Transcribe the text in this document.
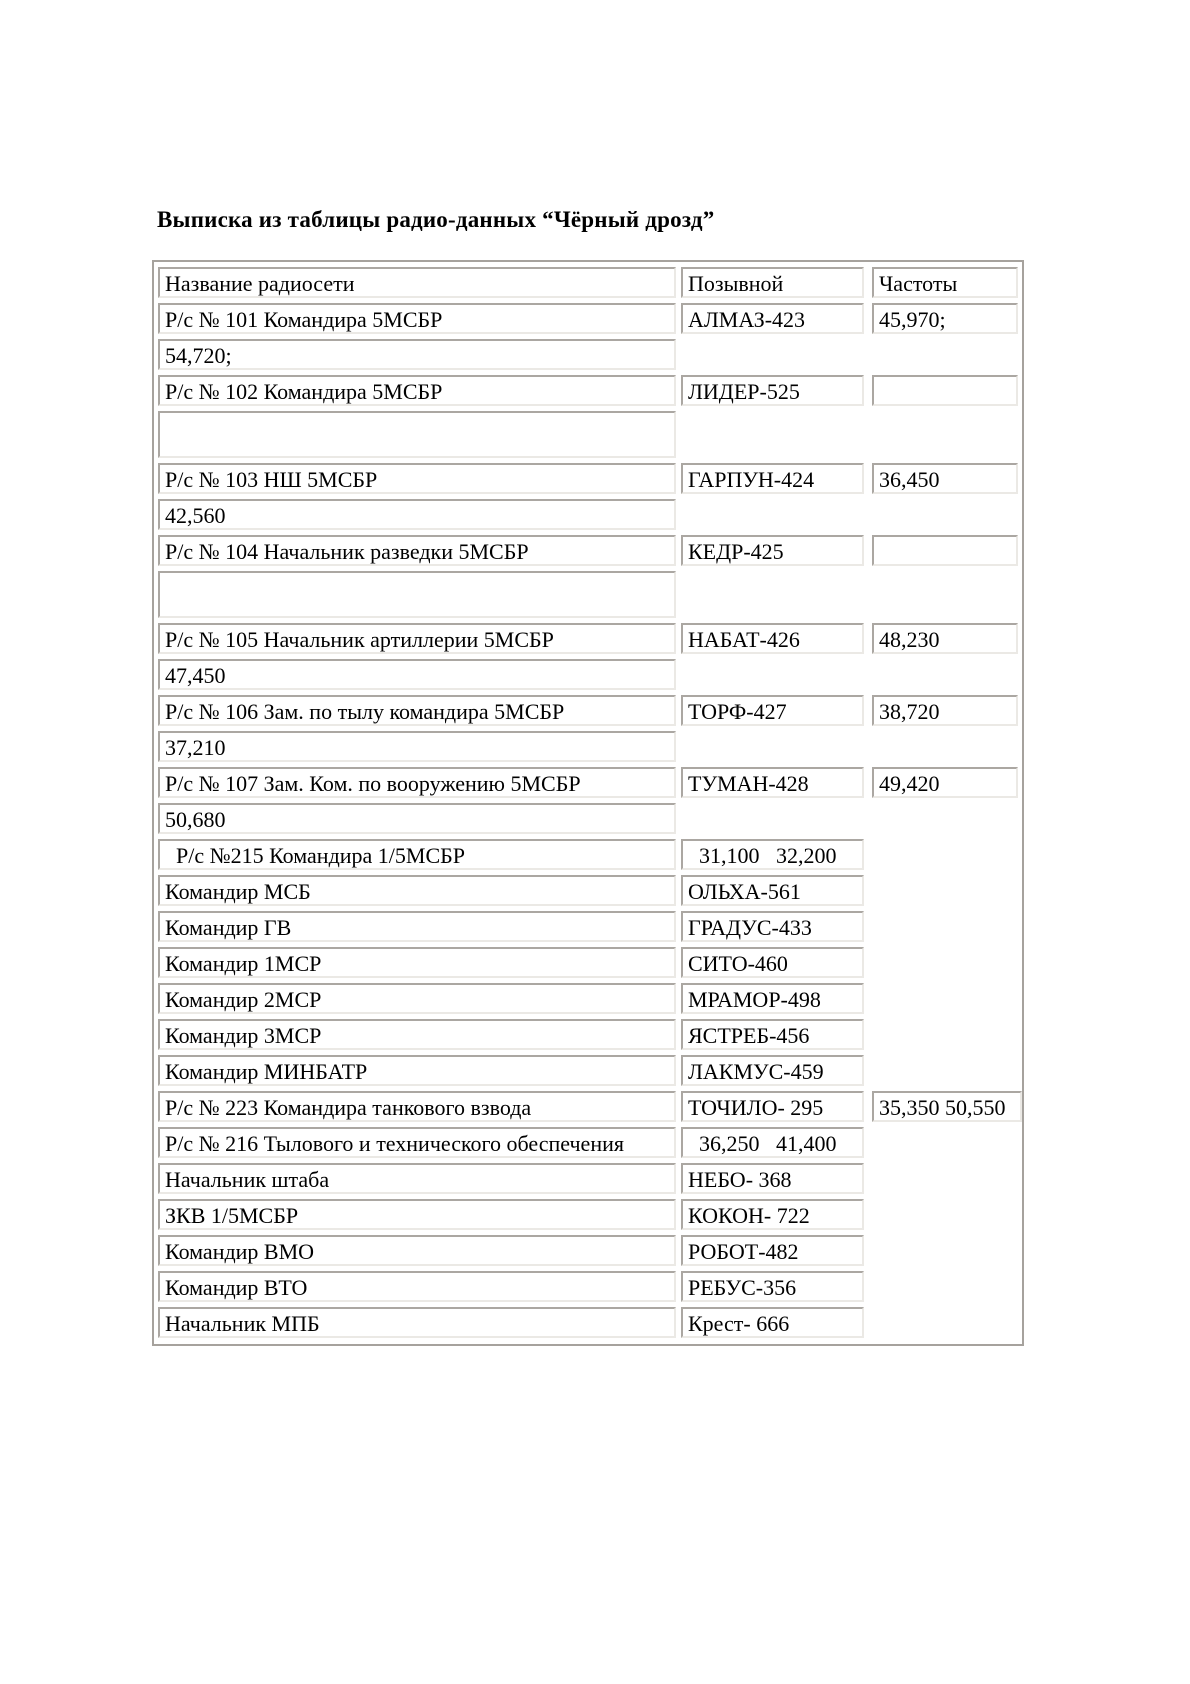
Выписка из таблицы радио-данных “Чёрный дрозд”
Название радиосети	Позывной	Частоты
Р/с № 101 Командира 5МСБР	АЛМАЗ-423	45,970;
54,720;
Р/с № 102 Командира 5МСБР	ЛИДЕР-525
Р/с № 103 НШ 5МСБР	ГАРПУН-424	36,450
42,560
Р/с № 104 Начальник разведки 5МСБР	КЕДР-425
Р/с № 105 Начальник артиллерии 5МСБР	НАБАТ-426	48,230
47,450
Р/с № 106 Зам. по тылу командира 5МСБР	ТОРФ-427	38,720
37,210
Р/с № 107 Зам. Ком. по вооружению 5МСБР	ТУМАН-428	49,420
50,680
Р/с №215 Командира 1/5МСБР	31,100   32,200
Командир МСБ	ОЛЬХА-561
Командир ГВ	ГРАДУС-433
Командир 1МСР	СИТО-460
Командир 2МСР	МРАМОР-498
Командир 3МСР	ЯСТРЕБ-456
Командир МИНБАТР	ЛАКМУС-459
Р/с № 223 Командира танкового взвода	ТОЧИЛО- 295	35,350 50,550
Р/с № 216 Тылового и технического обеспечения	36,250   41,400
Начальник штаба	НЕБО- 368
ЗКВ 1/5МСБР	КОКОН- 722
Командир ВМО	РОБОТ-482
Командир ВТО	РЕБУС-356
Начальник МПБ	Крест- 666
